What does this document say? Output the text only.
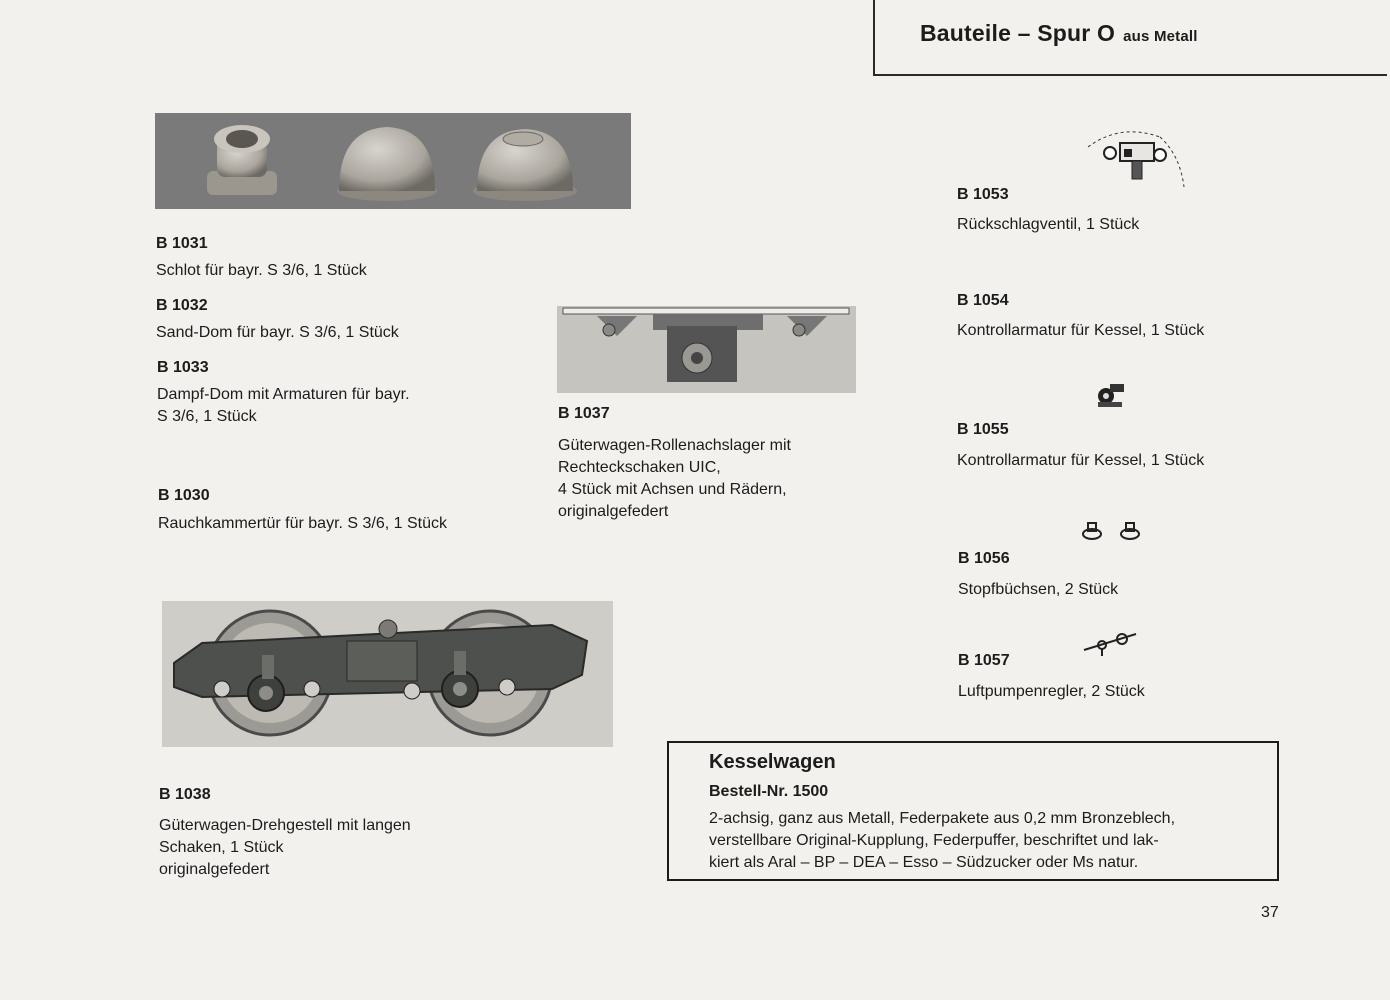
Bauteile – Spur O aus Metall
B 1031
Schlot für bayr. S 3/6, 1 Stück
B 1032
Sand-Dom für bayr. S 3/6, 1 Stück
B 1033
Dampf-Dom mit Armaturen für bayr.
S 3/6, 1 Stück
B 1030
Rauchkammertür für bayr. S 3/6, 1 Stück
B 1037
Güterwagen-Rollenachslager mit
Rechteckschaken UIC,
4 Stück mit Achsen und Rädern,
originalgefedert
B 1038
Güterwagen-Drehgestell mit langen
Schaken, 1 Stück
originalgefedert
B 1053
Rückschlagventil, 1 Stück
B 1054
Kontrollarmatur für Kessel, 1 Stück
B 1055
Kontrollarmatur für Kessel, 1 Stück
B 1056
Stopfbüchsen, 2 Stück
B 1057
Luftpumpenregler, 2 Stück
Kesselwagen
Bestell-Nr. 1500
2-achsig, ganz aus Metall, Federpakete aus 0,2 mm Bronzeblech,
verstellbare Original-Kupplung, Federpuffer, beschriftet und lak-
kiert als Aral – BP – DEA – Esso – Südzucker oder Ms natur.
37
